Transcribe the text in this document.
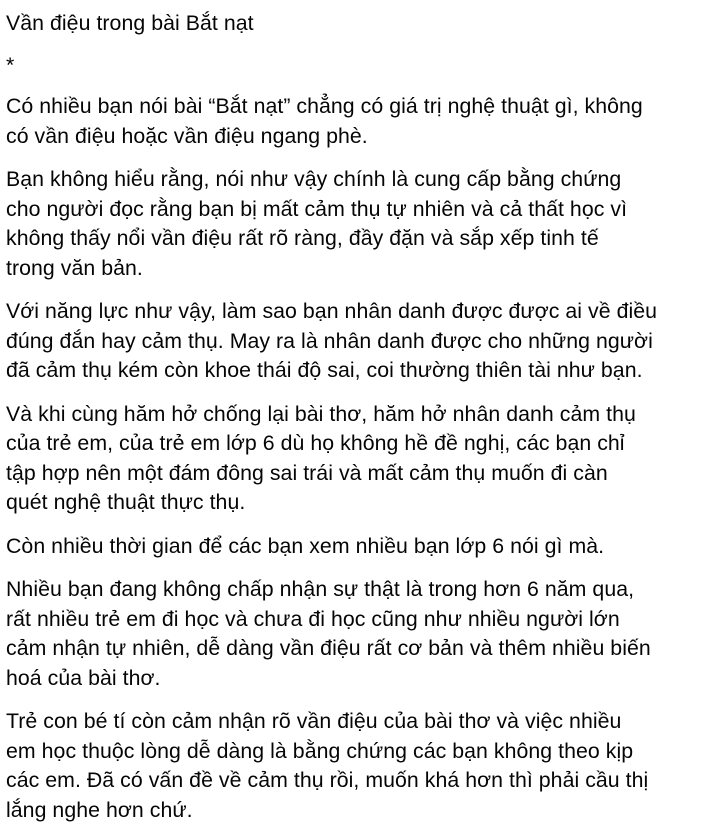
Vần điệu trong bài Bắt nạt
*
Có nhiều bạn nói bài “Bắt nạt” chẳng có giá trị nghệ thuật gì, không
có vần điệu hoặc vần điệu ngang phè.
Bạn không hiểu rằng, nói như vậy chính là cung cấp bằng chứng
cho người đọc rằng bạn bị mất cảm thụ tự nhiên và cả thất học vì
không thấy nổi vần điệu rất rõ ràng, đầy đặn và sắp xếp tinh tế
trong văn bản.
Với năng lực như vậy, làm sao bạn nhân danh được được ai về điều
đúng đắn hay cảm thụ. May ra là nhân danh được cho những người
đã cảm thụ kém còn khoe thái độ sai, coi thường thiên tài như bạn.
Và khi cùng hăm hở chống lại bài thơ, hăm hở nhân danh cảm thụ
của trẻ em, của trẻ em lớp 6 dù họ không hề đề nghị, các bạn chỉ
tập hợp nên một đám đông sai trái và mất cảm thụ muốn đi càn
quét nghệ thuật thực thụ.
Còn nhiều thời gian để các bạn xem nhiều bạn lớp 6 nói gì mà.
Nhiều bạn đang không chấp nhận sự thật là trong hơn 6 năm qua,
rất nhiều trẻ em đi học và chưa đi học cũng như nhiều người lớn
cảm nhận tự nhiên, dễ dàng vần điệu rất cơ bản và thêm nhiều biến
hoá của bài thơ.
Trẻ con bé tí còn cảm nhận rõ vần điệu của bài thơ và việc nhiều
em học thuộc lòng dễ dàng là bằng chứng các bạn không theo kịp
các em. Đã có vấn đề về cảm thụ rồi, muốn khá hơn thì phải cầu thị
lắng nghe hơn chứ.
